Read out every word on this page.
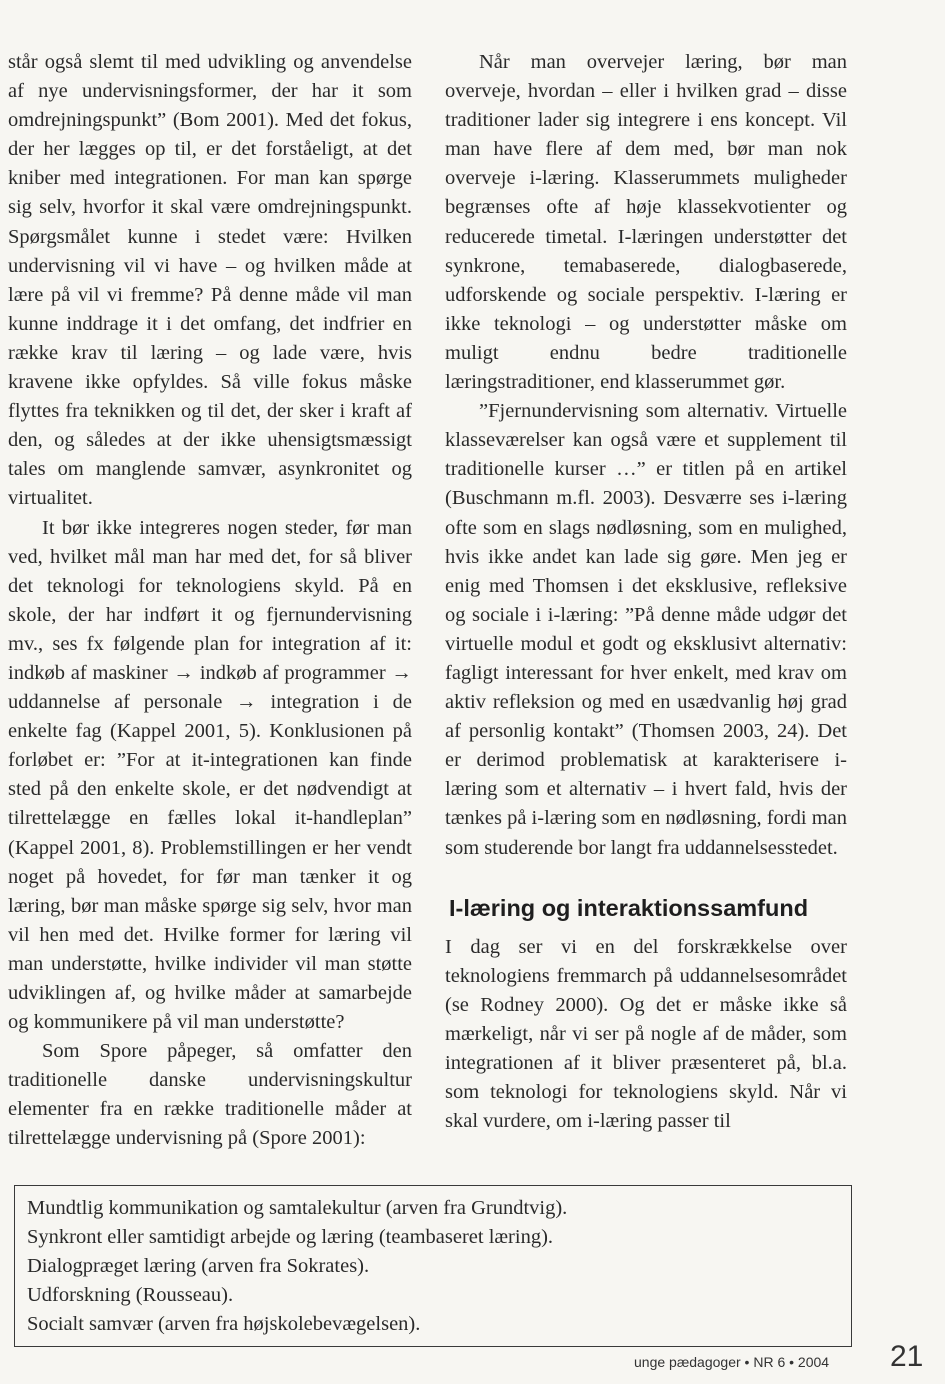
står også slemt til med udvikling og anvendelse af nye undervisningsformer, der har it som omdrejningspunkt” (Bom 2001). Med det fokus, der her lægges op til, er det forståeligt, at det kniber med integrationen. For man kan spørge sig selv, hvorfor it skal være omdrejningspunkt. Spørgsmålet kunne i stedet være: Hvilken undervisning vil vi have – og hvilken måde at lære på vil vi fremme? På denne måde vil man kunne inddrage it i det omfang, det indfrier en række krav til læring – og lade være, hvis kravene ikke opfyldes. Så ville fokus måske flyttes fra teknikken og til det, der sker i kraft af den, og således at der ikke uhensigtsmæssigt tales om manglende samvær, asynkronitet og virtualitet.

It bør ikke integreres nogen steder, før man ved, hvilket mål man har med det, for så bliver det teknologi for teknologiens skyld. På en skole, der har indført it og fjernundervisning mv., ses fx følgende plan for integration af it: indkøb af maskiner → indkøb af programmer → uddannelse af personale → integration i de enkelte fag (Kappel 2001, 5). Konklusionen på forløbet er: ”For at it-integrationen kan finde sted på den enkelte skole, er det nødvendigt at tilrettelægge en fælles lokal it-handleplan” (Kappel 2001, 8). Problemstillingen er her vendt noget på hovedet, for før man tænker it og læring, bør man måske spørge sig selv, hvor man vil hen med det. Hvilke former for læring vil man understøtte, hvilke individer vil man støtte udviklingen af, og hvilke måder at samarbejde og kommunikere på vil man understøtte?

Som Spore påpeger, så omfatter den traditionelle danske undervisningskultur elementer fra en række traditionelle måder at tilrettelægge undervisning på (Spore 2001):

Når man overvejer læring, bør man overveje, hvordan – eller i hvilken grad – disse traditioner lader sig integrere i ens koncept. Vil man have flere af dem med, bør man nok overveje i-læring. Klasserummets muligheder begrænses ofte af høje klassekvotienter og reducerede timetal. I-læringen understøtter det synkrone, temabaserede, dialogbaserede, udforskende og sociale perspektiv. I-læring er ikke teknologi – og understøtter måske om muligt endnu bedre traditionelle læringstraditioner, end klasserummet gør.

”Fjernundervisning som alternativ. Virtuelle klasseværelser kan også være et supplement til traditionelle kurser …” er titlen på en artikel (Buschmann m.fl. 2003). Desværre ses i-læring ofte som en slags nødløsning, som en mulighed, hvis ikke andet kan lade sig gøre. Men jeg er enig med Thomsen i det eksklusive, refleksive og sociale i i-læring: ”På denne måde udgør det virtuelle modul et godt og eksklusivt alternativ: fagligt interessant for hver enkelt, med krav om aktiv refleksion og med en usædvanlig høj grad af personlig kontakt” (Thomsen 2003, 24). Det er derimod problematisk at karakterisere i-læring som et alternativ – i hvert fald, hvis der tænkes på i-læring som en nødløsning, fordi man som studerende bor langt fra uddannelsesstedet.

I-læring og interaktionssamfund

I dag ser vi en del forskrækkelse over teknologiens fremmarch på uddannelsesområdet (se Rodney 2000). Og det er måske ikke så mærkeligt, når vi ser på nogle af de måder, som integrationen af it bliver præsenteret på, bl.a. som teknologi for teknologiens skyld. Når vi skal vurdere, om i-læring passer til

Mundtlig kommunikation og samtalekultur (arven fra Grundtvig).
Synkront eller samtidigt arbejde og læring (teambaseret læring).
Dialogpræget læring (arven fra Sokrates).
Udforskning (Rousseau).
Socialt samvær (arven fra højskolebevægelsen).
unge pædagoger • NR 6 • 2004 21
